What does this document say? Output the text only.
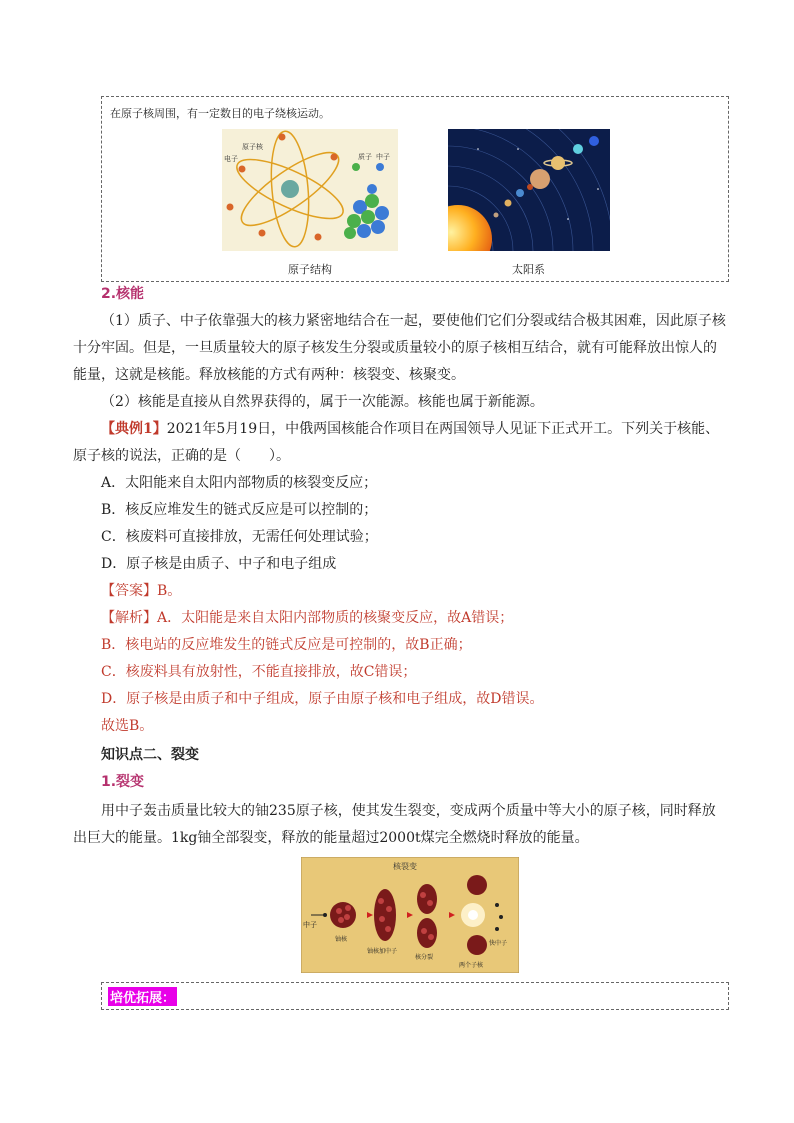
在原子核周围，有一定数目的电子绕核运动。
原子核
电子	质子 中子
原子结构	太阳系
2.核能
（1）质子、中子依靠强大的核力紧密地结合在一起，要使他们它们分裂或结合极其困难，因此原子核
十分牢固。但是，一旦质量较大的原子核发生分裂或质量较小的原子核相互结合，就有可能释放出惊人的
能量，这就是核能。释放核能的方式有两种：核裂变、核聚变。
（2）核能是直接从自然界获得的，属于一次能源。核能也属于新能源。
【典例1】2021年5月19日，中俄两国核能合作项目在两国领导人见证下正式开工。下列关于核能、
原子核的说法，正确的是（　　）。
A．太阳能来自太阳内部物质的核裂变反应；
B．核反应堆发生的链式反应是可以控制的；
C．核废料可直接排放，无需任何处理试验；
D．原子核是由质子、中子和电子组成
【答案】B。
【解析】A．太阳能是来自太阳内部物质的核聚变反应，故A错误；
B．核电站的反应堆发生的链式反应是可控制的，故B正确；
C．核废料具有放射性，不能直接排放，故C错误；
D．原子核是由质子和中子组成，原子由原子核和电子组成，故D错误。
故选B。
知识点二、裂变
1.裂变
用中子轰击质量比较大的铀235原子核，使其发生裂变，变成两个质量中等大小的原子核，同时释放
出巨大的能量。1kg铀全部裂变，释放的能量超过2000t煤完全燃烧时释放的能量。
核裂变
中子
铀核
铀核加中子
核分裂
两个子核
快中子
培优拓展：
